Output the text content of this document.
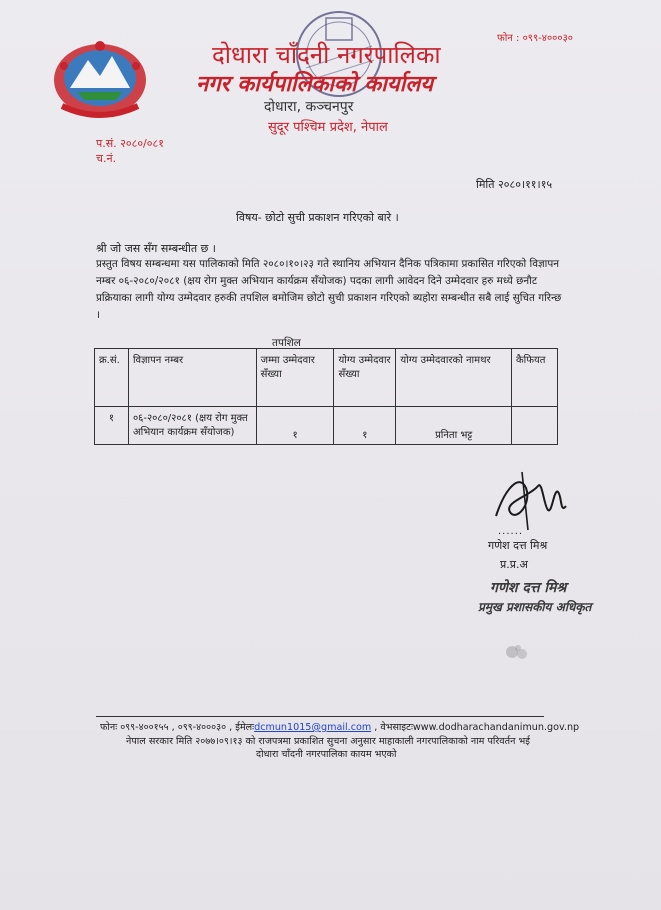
फोन : ०९९-४०००३०
दोधारा चाँदनी नगरपालिका
नगर कार्यपालिकाको कार्यालय
दोधारा, कञ्चनपुर
सुदूर पश्चिम प्रदेश, नेपाल
प.सं. २०८०/०८१
च.नं.
मिति २०८०।११।१५
विषय- छोटो सुची प्रकाशन गरिएको बारे ।
श्री जो जस सँग सम्बन्धीत छ ।
प्रस्तुत विषय सम्बन्धमा यस पालिकाको मिति २०८०।१०।२३ गते स्थानिय अभियान दैनिक पत्रिकामा प्रकासित गरिएको विज्ञापन नम्बर ०६-२०८०/२०८१ (क्षय रोग मुक्त अभियान कार्यक्रम सँयोजक) पदका लागी आवेदन दिने उम्मेदवार हरु मध्ये छनौट प्रक्रियाका लागी योग्य उम्मेदवार हरुकी तपशिल बमोजिम छोटो सुची प्रकाशन गरिएको ब्यहोरा सम्बन्धीत सबै लाई सुचित गरिन्छ ।
तपशिल
क्र.सं.	विज्ञापन नम्बर	जम्मा उम्मेदवार सँख्या	योग्य उम्मेदवार सँख्या	योग्य उम्मेदवारको नामथर	कैफियत
१	०६-२०८०/२०८१ (क्षय रोग मुक्त अभियान कार्यक्रम सँयोजक)	१	१	प्रनिता भट्ट	
......
गणेश दत्त मिश्र
प्र.प्र.अ
गणेश दत्त मिश्र
प्रमुख प्रशासकीय अधिकृत
फोनः ०९९-४००१५५ , ०९९-४०००३० , ईमेलःdcmun1015@gmail.com , वेभसाइटःwww.dodharachandanimun.gov.np
नेपाल सरकार मिति २०७७।०९।१३ को राजपत्रमा प्रकाशित सुचना अनुसार माहाकाली नगरपालिकाको नाम परिवर्तन भई
दोधारा चाँदनी नगरपालिका कायम भएको
